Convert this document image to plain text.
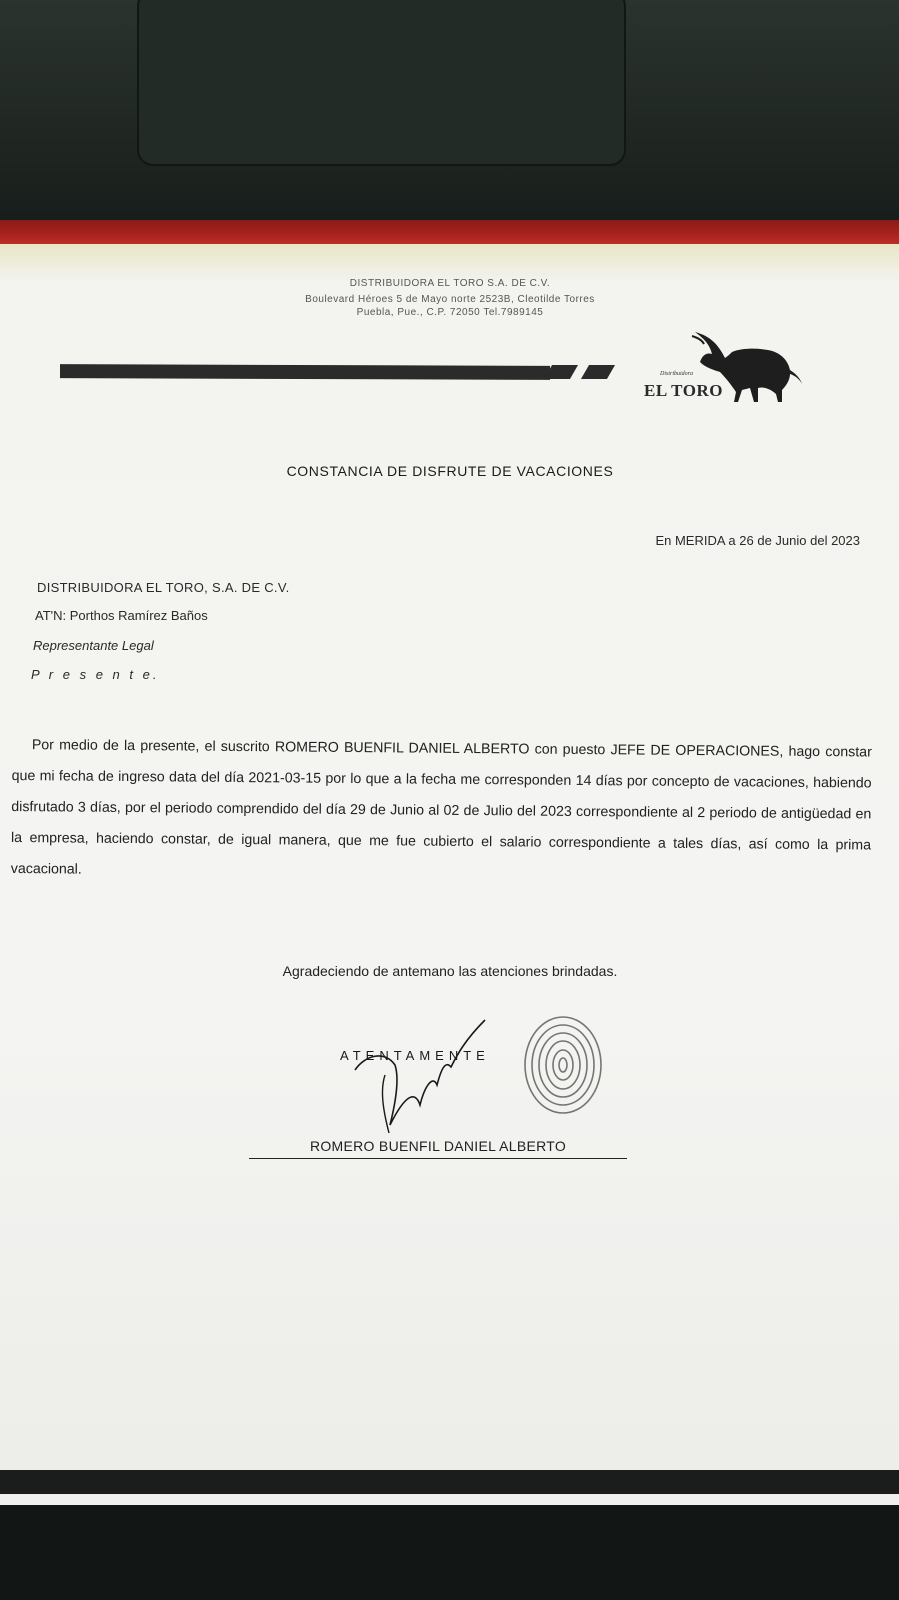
DISTRIBUIDORA EL TORO S.A. DE C.V.
Boulevard Héroes 5 de Mayo norte 2523B, Cleotilde Torres
Puebla, Pue., C.P. 72050 Tel.7989145
Distribuidora
EL TORO
CONSTANCIA DE DISFRUTE DE VACACIONES
En MERIDA a 26 de Junio del 2023
DISTRIBUIDORA EL TORO, S.A. DE C.V.
AT'N: Porthos Ramírez Baños
Representante Legal
P r e s e n t e.
Por medio de la presente, el suscrito ROMERO BUENFIL DANIEL ALBERTO con puesto JEFE DE OPERACIONES, hago constar que mi fecha de ingreso data del día 2021-03-15 por lo que a la fecha me corresponden 14 días por concepto de vacaciones, habiendo disfrutado 3 días, por el periodo comprendido del día 29 de Junio al 02 de Julio del 2023 correspondiente al 2 periodo de antigüedad en la empresa, haciendo constar, de igual manera, que me fue cubierto el salario correspondiente a tales días, así como la prima vacacional.
Agradeciendo de antemano las atenciones brindadas.
ATENTAMENTE
ROMERO BUENFIL DANIEL ALBERTO
